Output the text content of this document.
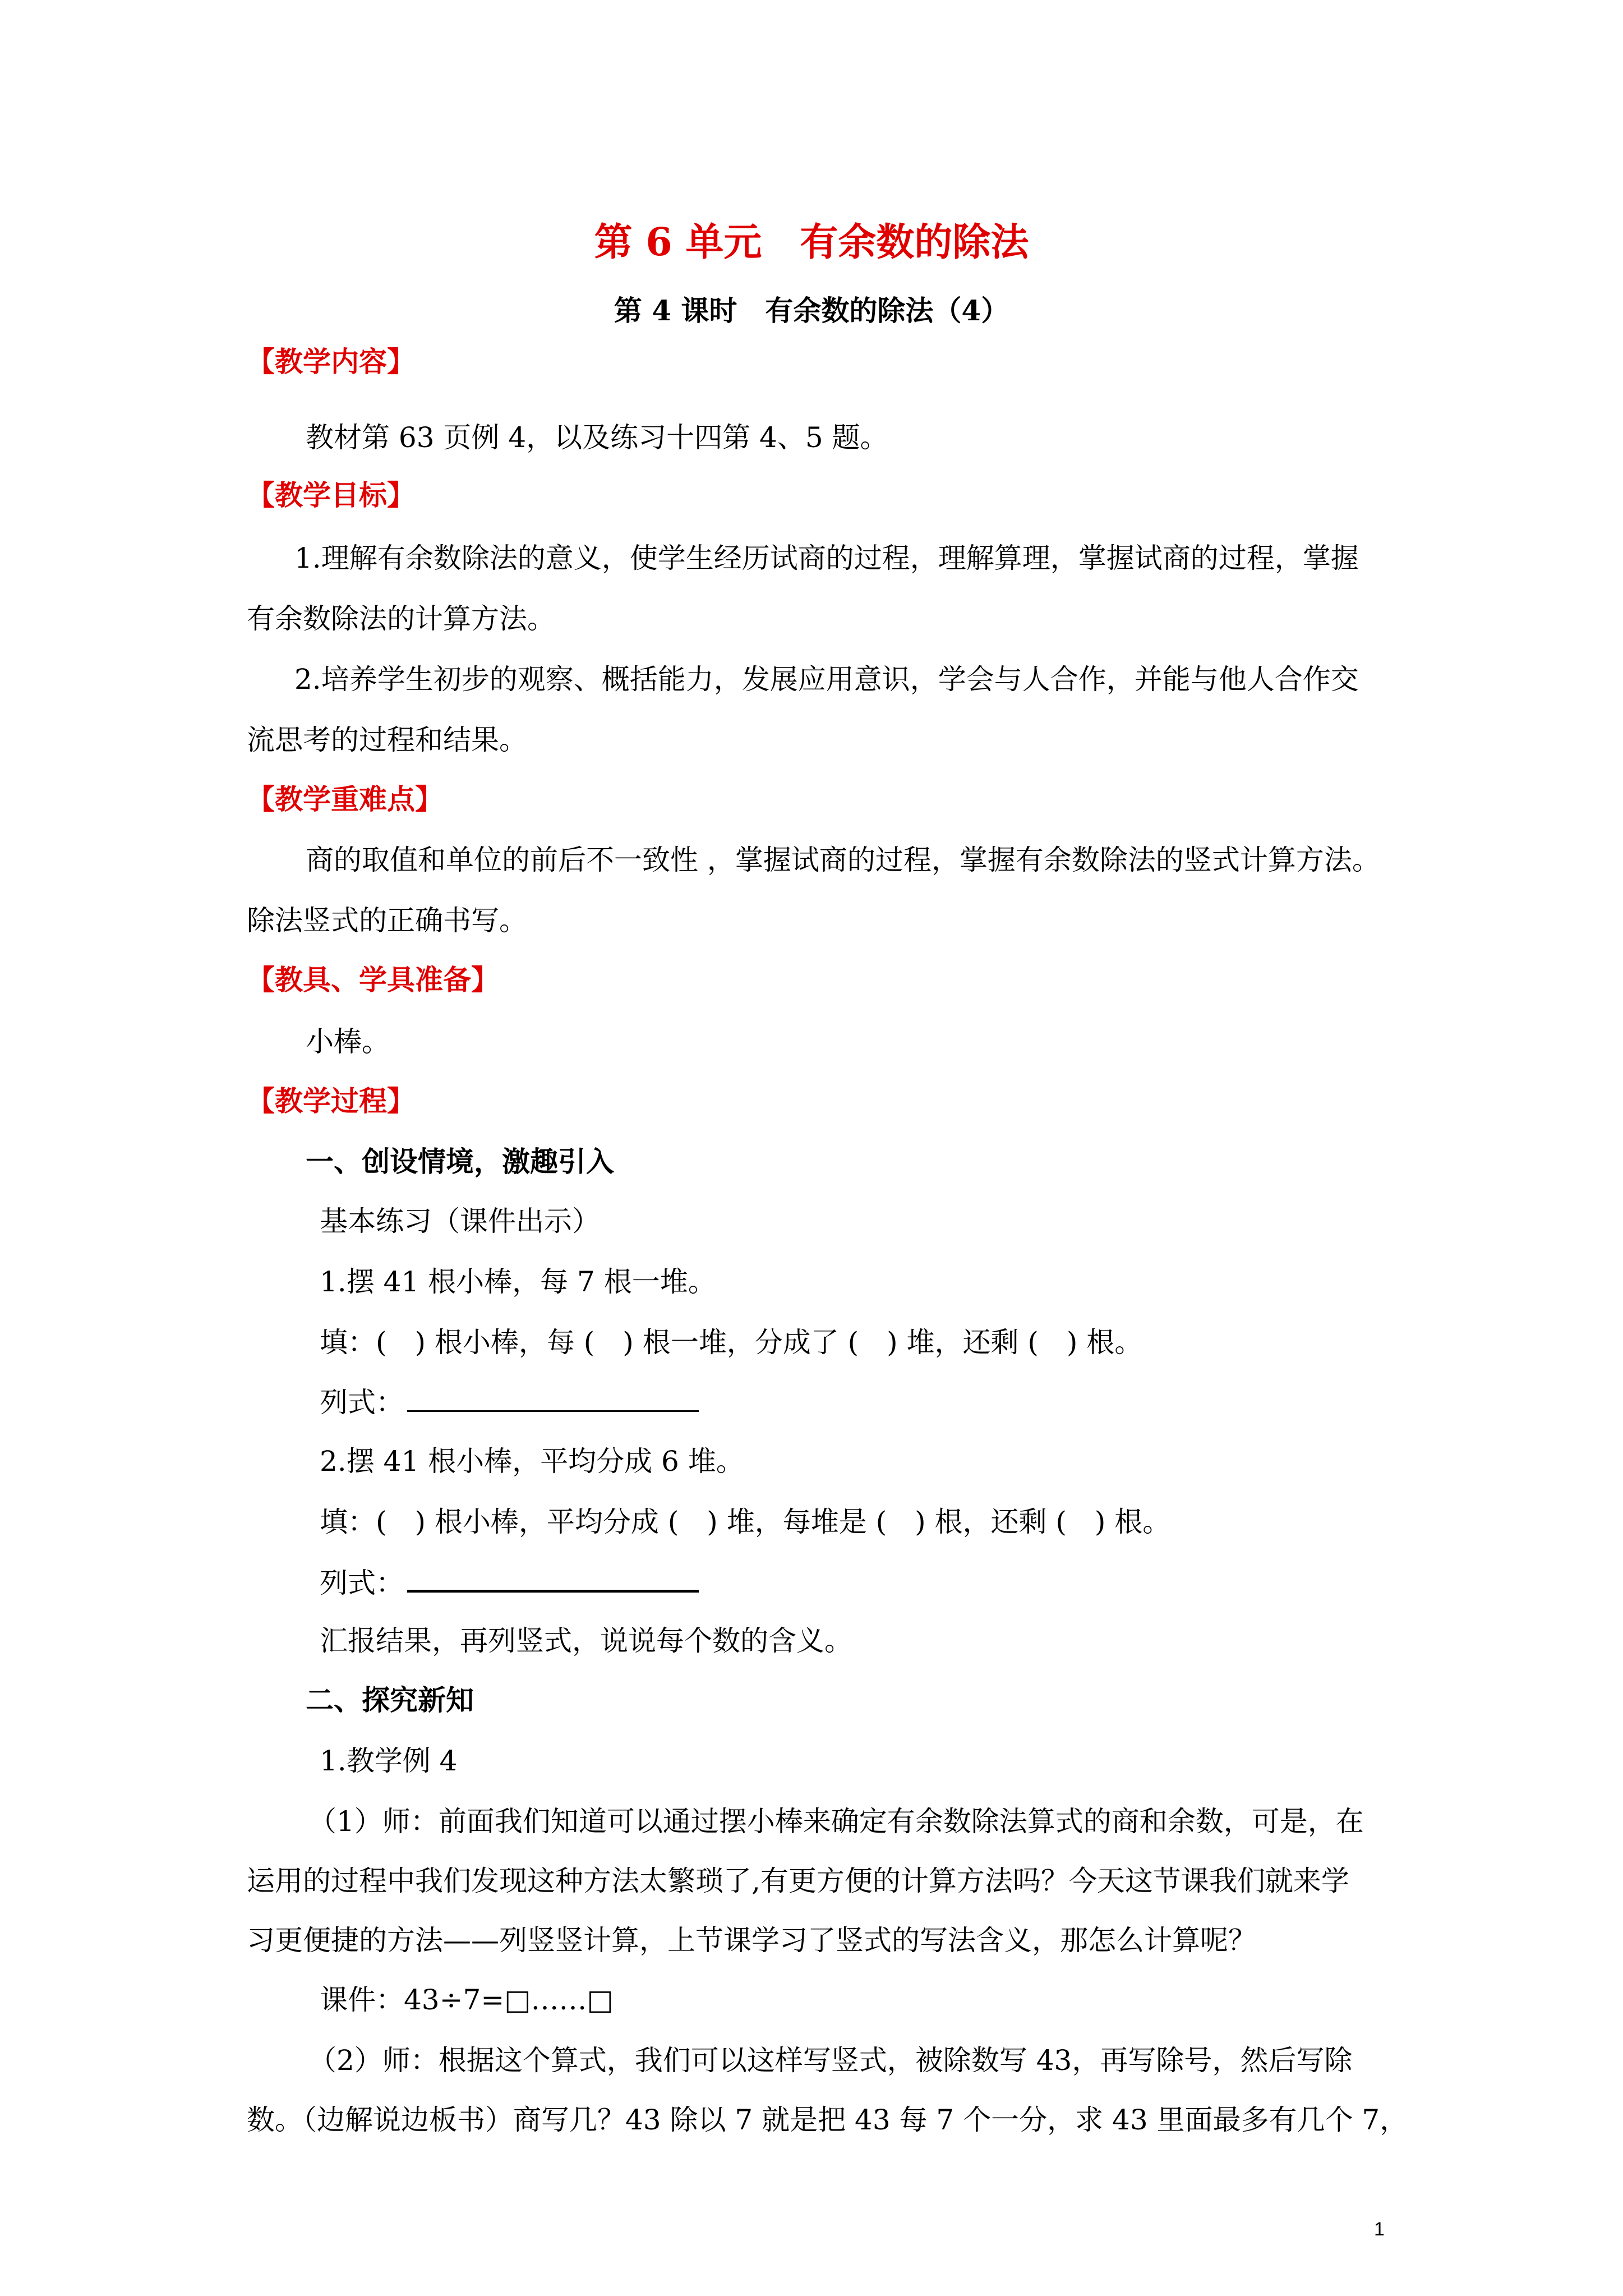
第 6 单元　有余数的除法
第 4 课时　有余数的除法（4）
【教学内容】
教材第 63 页例 4，以及练习十四第 4、5 题。
【教学目标】
1.理解有余数除法的意义，使学生经历试商的过程，理解算理，掌握试商的过程，掌握
有余数除法的计算方法。
2.培养学生初步的观察、概括能力，发展应用意识，学会与人合作，并能与他人合作交
流思考的过程和结果。
【教学重难点】
商的取值和单位的前后不一致性 ，掌握试商的过程，掌握有余数除法的竖式计算方法。
除法竖式的正确书写。
【教具、学具准备】
小棒。
【教学过程】
一、创设情境，激趣引入
基本练习（课件出示）
1.摆 41 根小棒，每 7 根一堆。
填：(　) 根小棒，每 (　) 根一堆，分成了 (　) 堆，还剩 (　) 根。
列式：
2.摆 41 根小棒，平均分成 6 堆。
填：(　) 根小棒，平均分成 (　) 堆，每堆是 (　) 根，还剩 (　) 根。
列式：
汇报结果，再列竖式，说说每个数的含义。
二、探究新知
1.教学例 4
（1）师：前面我们知道可以通过摆小棒来确定有余数除法算式的商和余数，可是，在
运用的过程中我们发现这种方法太繁琐了,有更方便的计算方法吗？今天这节课我们就来学
习更便捷的方法——列竖竖计算，上节课学习了竖式的写法含义，那怎么计算呢？
课件：43÷7=□……□
（2）师：根据这个算式，我们可以这样写竖式，被除数写 43，再写除号，然后写除
数。（边解说边板书）商写几？43 除以 7 就是把 43 每 7 个一分，求 43 里面最多有几个 7，
1
